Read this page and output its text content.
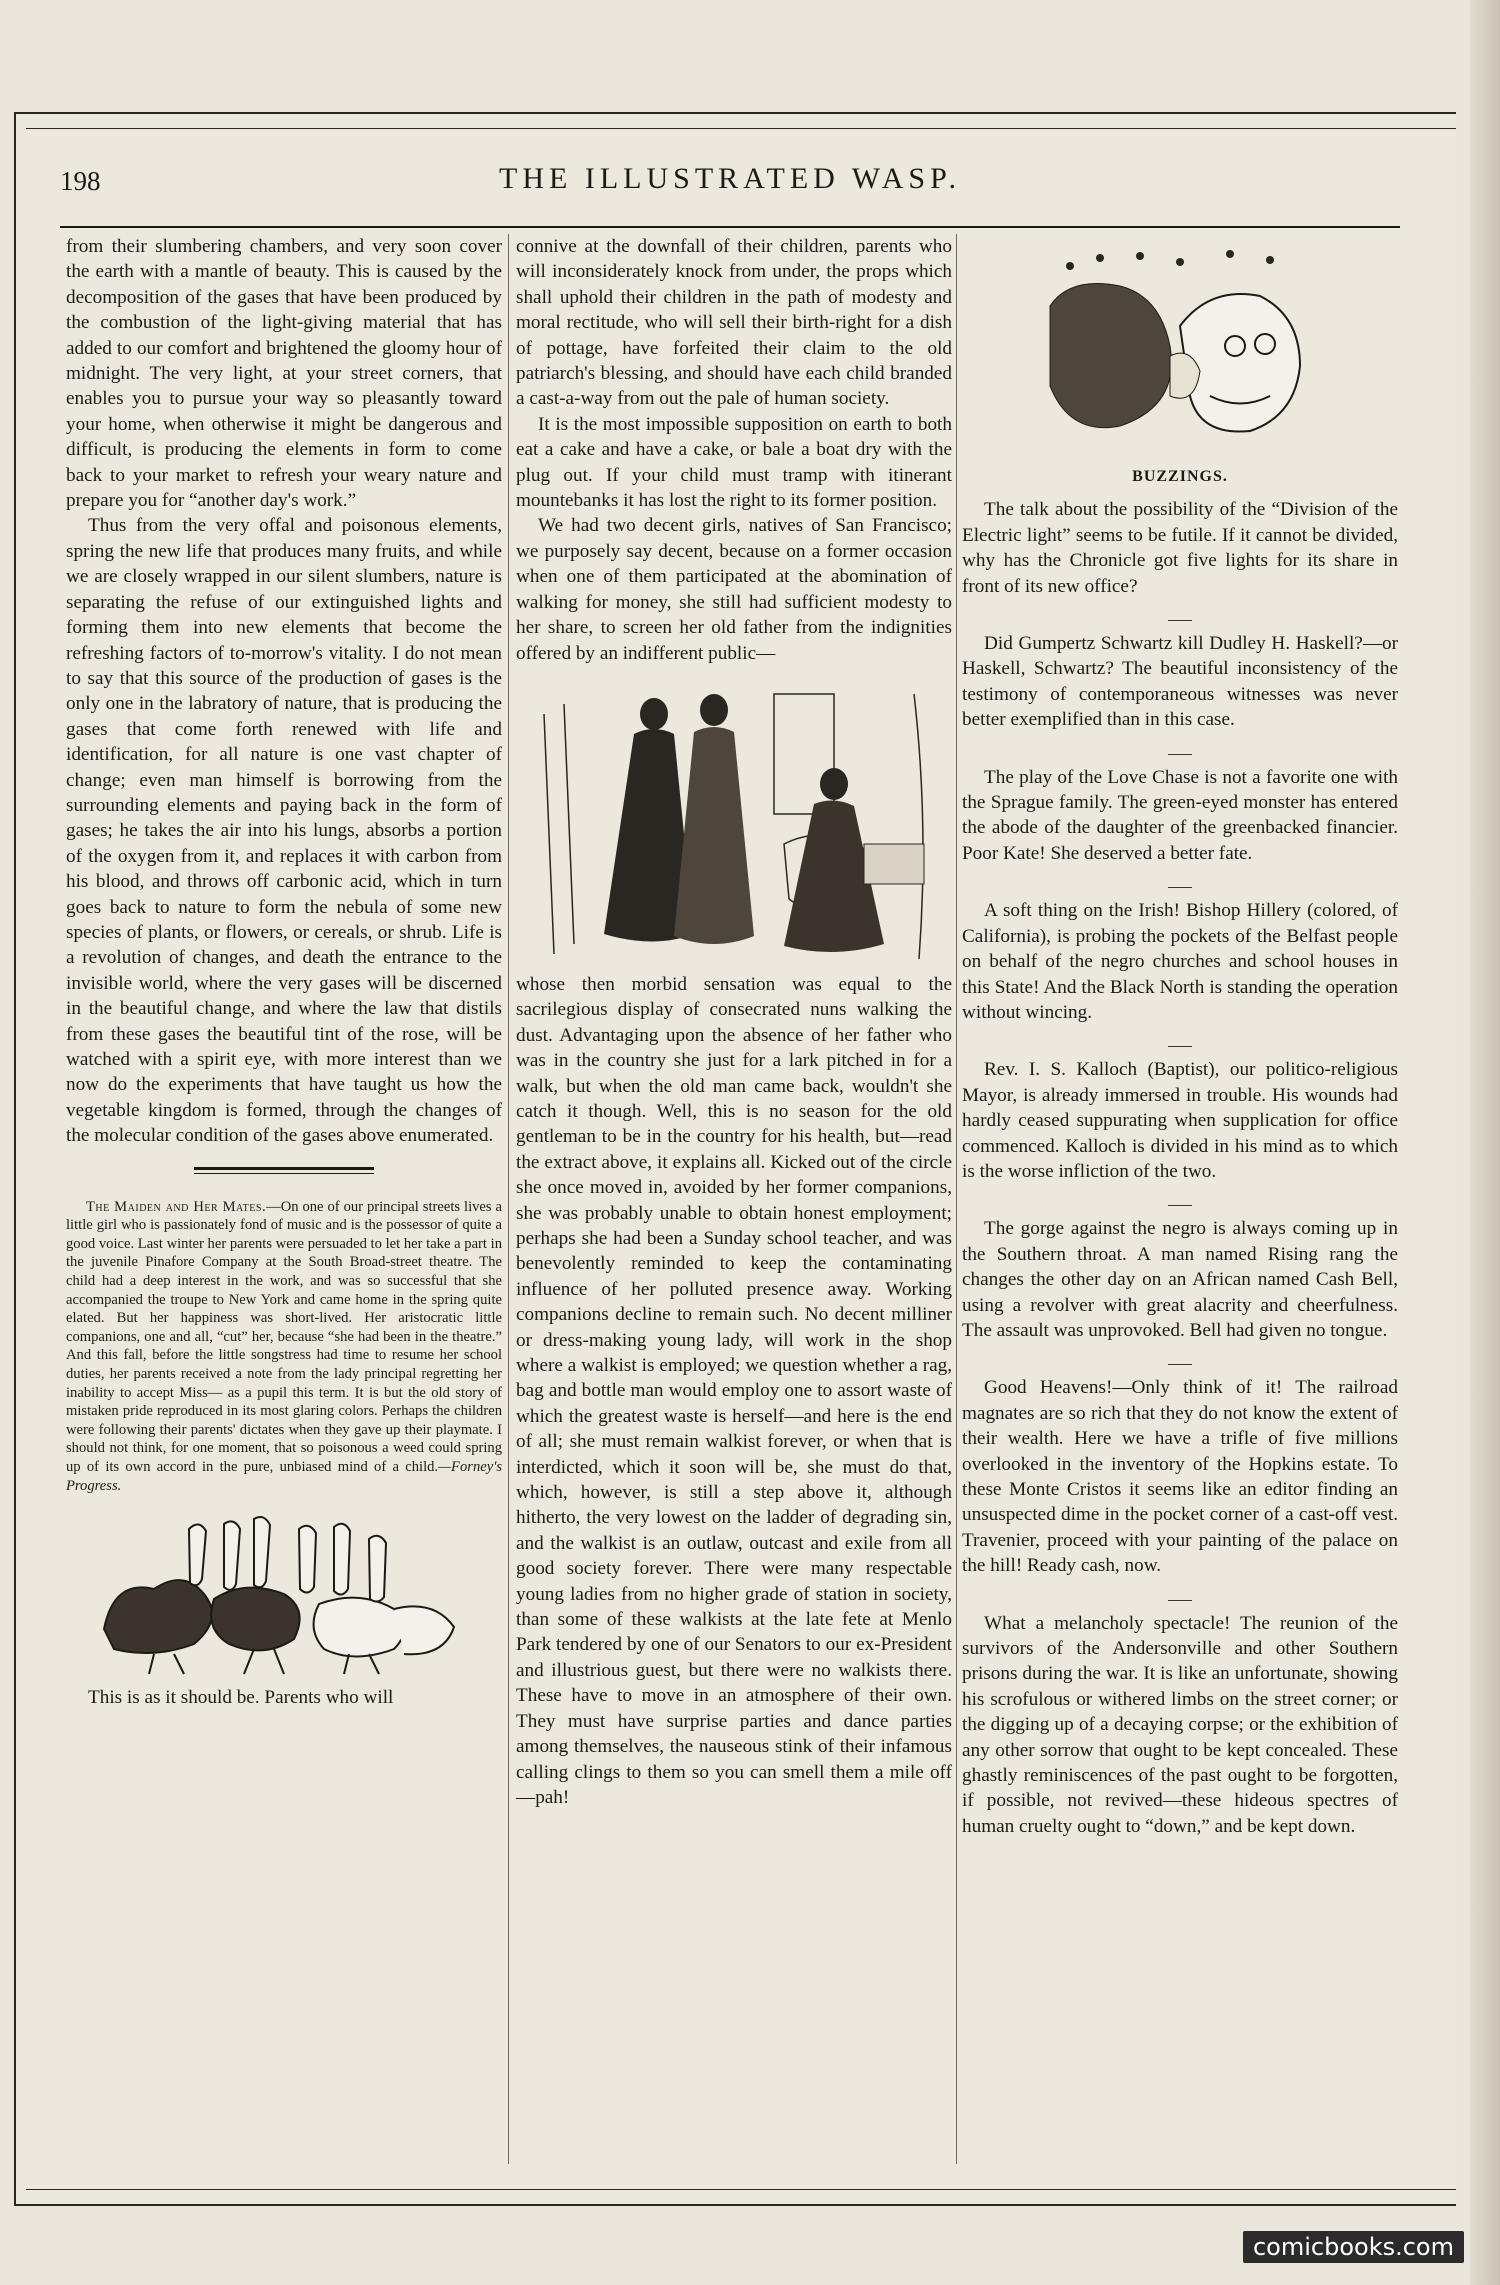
198	THE ILLUSTRATED WASP.

from their slumbering chambers, and very soon cover the earth with a mantle of beauty. This is caused by the decomposition of the gases that have been produced by the combustion of the light-giving material that has added to our comfort and brightened the gloomy hour of midnight. The very light, at your street corners, that enables you to pursue your way so pleasantly toward your home, when otherwise it might be dangerous and difficult, is producing the elements in form to come back to your market to refresh your weary nature and prepare you for “another day's work.”

Thus from the very offal and poisonous elements, spring the new life that produces many fruits, and while we are closely wrapped in our silent slumbers, nature is separating the refuse of our extinguished lights and forming them into new elements that become the refreshing factors of to-morrow's vitality. I do not mean to say that this source of the production of gases is the only one in the labratory of nature, that is producing the gases that come forth renewed with life and identification, for all nature is one vast chapter of change; even man himself is borrowing from the surrounding elements and paying back in the form of gases; he takes the air into his lungs, absorbs a portion of the oxygen from it, and replaces it with carbon from his blood, and throws off carbonic acid, which in turn goes back to nature to form the nebula of some new species of plants, or flowers, or cereals, or shrub. Life is a revolution of changes, and death the entrance to the invisible world, where the very gases will be discerned in the beautiful change, and where the law that distils from these gases the beautiful tint of the rose, will be watched with a spirit eye, with more interest than we now do the experiments that have taught us how the vegetable kingdom is formed, through the changes of the molecular condition of the gases above enumerated.

The Maiden and Her Mates.—On one of our principal streets lives a little girl who is passionately fond of music and is the possessor of quite a good voice. Last winter her parents were persuaded to let her take a part in the juvenile Pinafore Company at the South Broad-street theatre. The child had a deep interest in the work, and was so successful that she accompanied the troupe to New York and came home in the spring quite elated. But her happiness was short-lived. Her aristocratic little companions, one and all, “cut” her, because “she had been in the theatre.” And this fall, before the little songstress had time to resume her school duties, her parents received a note from the lady principal regretting her inability to accept Miss— as a pupil this term. It is but the old story of mistaken pride reproduced in its most glaring colors. Perhaps the children were following their parents' dictates when they gave up their playmate. I should not think, for one moment, that so poisonous a weed could spring up of its own accord in the pure, unbiased mind of a child.—Forney's Progress.

This is as it should be. Parents who will

connive at the downfall of their children, parents who will inconsiderately knock from under, the props which shall uphold their children in the path of modesty and moral rectitude, who will sell their birth-right for a dish of pottage, have forfeited their claim to the old patriarch's blessing, and should have each child branded a cast-a-way from out the pale of human society.

It is the most impossible supposition on earth to both eat a cake and have a cake, or bale a boat dry with the plug out. If your child must tramp with itinerant mountebanks it has lost the right to its former position.

We had two decent girls, natives of San Francisco; we purposely say decent, because on a former occasion when one of them participated at the abomination of walking for money, she still had sufficient modesty to her share, to screen her old father from the indignities offered by an indifferent public—

whose then morbid sensation was equal to the sacrilegious display of consecrated nuns walking the dust. Advantaging upon the absence of her father who was in the country she just for a lark pitched in for a walk, but when the old man came back, wouldn't she catch it though. Well, this is no season for the old gentleman to be in the country for his health, but—read the extract above, it explains all. Kicked out of the circle she once moved in, avoided by her former companions, she was probably unable to obtain honest employment; perhaps she had been a Sunday school teacher, and was benevolently reminded to keep the contaminating influence of her polluted presence away. Working companions decline to remain such. No decent milliner or dress-making young lady, will work in the shop where a walkist is employed; we question whether a rag, bag and bottle man would employ one to assort waste of which the greatest waste is herself—and here is the end of all; she must remain walkist forever, or when that is interdicted, which it soon will be, she must do that, which, however, is still a step above it, although hitherto, the very lowest on the ladder of degrading sin, and the walkist is an outlaw, outcast and exile from all good society forever. There were many respectable young ladies from no higher grade of station in society, than some of these walkists at the late fete at Menlo Park tendered by one of our Senators to our ex-President and illustrious guest, but there were no walkists there. These have to move in an atmosphere of their own. They must have surprise parties and dance parties among themselves, the nauseous stink of their infamous calling clings to them so you can smell them a mile off—pah!

BUZZINGS.

The talk about the possibility of the “Division of the Electric light” seems to be futile. If it cannot be divided, why has the Chronicle got five lights for its share in front of its new office?

Did Gumpertz Schwartz kill Dudley H. Haskell?—or Haskell, Schwartz? The beautiful inconsistency of the testimony of contemporaneous witnesses was never better exemplified than in this case.

The play of the Love Chase is not a favorite one with the Sprague family. The green-eyed monster has entered the abode of the daughter of the greenbacked financier. Poor Kate! She deserved a better fate.

A soft thing on the Irish! Bishop Hillery (colored, of California), is probing the pockets of the Belfast people on behalf of the negro churches and school houses in this State! And the Black North is standing the operation without wincing.

Rev. I. S. Kalloch (Baptist), our politico-religious Mayor, is already immersed in trouble. His wounds had hardly ceased suppurating when supplication for office commenced. Kalloch is divided in his mind as to which is the worse infliction of the two.

The gorge against the negro is always coming up in the Southern throat. A man named Rising rang the changes the other day on an African named Cash Bell, using a revolver with great alacrity and cheerfulness. The assault was unprovoked. Bell had given no tongue.

Good Heavens!—Only think of it! The railroad magnates are so rich that they do not know the extent of their wealth. Here we have a trifle of five millions overlooked in the inventory of the Hopkins estate. To these Monte Cristos it seems like an editor finding an unsuspected dime in the pocket corner of a cast-off vest. Travenier, proceed with your painting of the palace on the hill! Ready cash, now.

What a melancholy spectacle! The reunion of the survivors of the Andersonville and other Southern prisons during the war. It is like an unfortunate, showing his scrofulous or withered limbs on the street corner; or the digging up of a decaying corpse; or the exhibition of any other sorrow that ought to be kept concealed. These ghastly reminiscences of the past ought to be forgotten, if possible, not revived—these hideous spectres of human cruelty ought to “down,” and be kept down.

comicbooks.com
